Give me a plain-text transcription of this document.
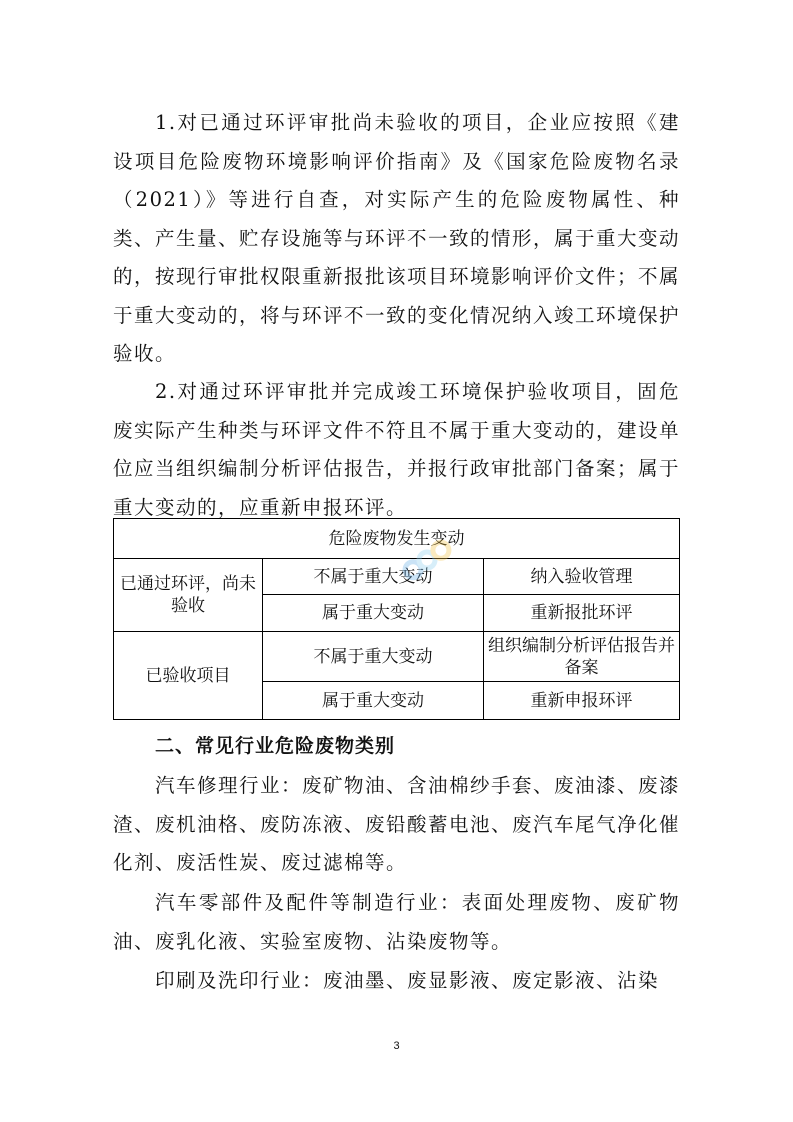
1.对已通过环评审批尚未验收的项目，企业应按照《建设项目危险废物环境影响评价指南》及《国家危险废物名录（2021）》等进行自查，对实际产生的危险废物属性、种类、产生量、贮存设施等与环评不一致的情形，属于重大变动的，按现行审批权限重新报批该项目环境影响评价文件；不属于重大变动的，将与环评不一致的变化情况纳入竣工环境保护验收。

2.对通过环评审批并完成竣工环境保护验收项目，固危废实际产生种类与环评文件不符且不属于重大变动的，建设单位应当组织编制分析评估报告，并报行政审批部门备案；属于重大变动的，应重新申报环评。

危险废物发生变动		
已通过环评，尚未验收	不属于重大变动	纳入验收管理
	属于重大变动	重新报批环评
已验收项目	不属于重大变动	组织编制分析评估报告并备案
	属于重大变动	重新申报环评
二、常见行业危险废物类别

汽车修理行业：废矿物油、含油棉纱手套、废油漆、废漆渣、废机油格、废防冻液、废铅酸蓄电池、废汽车尾气净化催化剂、废活性炭、废过滤棉等。

汽车零部件及配件等制造行业：表面处理废物、废矿物油、废乳化液、实验室废物、沾染废物等。

印刷及洗印行业：废油墨、废显影液、废定影液、沾染

3
